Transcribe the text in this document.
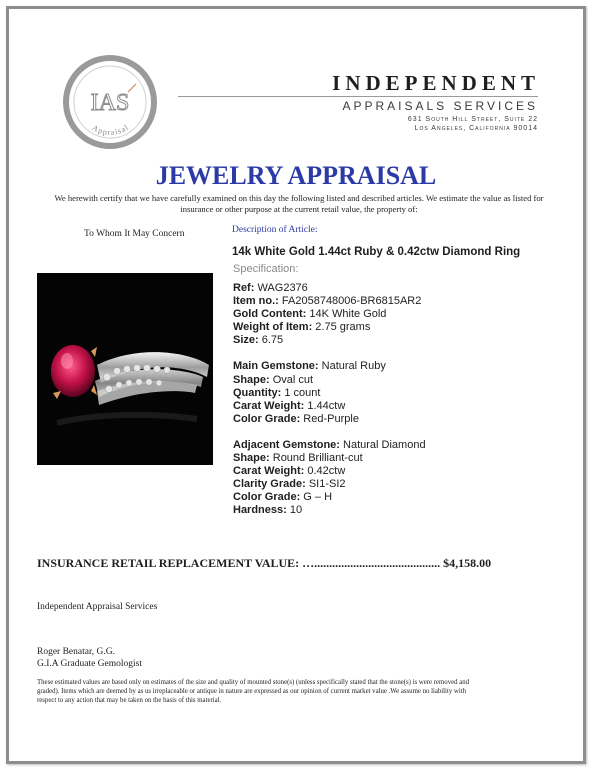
IAS
Appraisal
INDEPENDENT
APPRAISALS SERVICES
631 South Hill Street, Suite 22
Los Angeles, California 90014
JEWELRY APPRAISAL
We herewith certify that we have carefully examined on this day the following listed and described articles. We estimate the value as listed for insurance or other purpose at the current retail value, the property of:
To Whom It May Concern	Description of Article:
14k White Gold 1.44ct Ruby & 0.42ctw Diamond Ring
Specification:
Ref: WAG2376
Item no.: FA2058748006-BR6815AR2
Gold Content: 14K White Gold
Weight of Item: 2.75 grams
Size: 6.75
Main Gemstone: Natural Ruby
Shape: Oval cut
Quantity: 1 count
Carat Weight: 1.44ctw
Color Grade: Red-Purple
Adjacent Gemstone: Natural Diamond
Shape: Round Brilliant-cut
Carat Weight: 0.42ctw
Clarity Grade: SI1-SI2
Color Grade: G – H
Hardness: 10
INSURANCE RETAIL REPLACEMENT VALUE: ….......................................... $4,158.00
Independent Appraisal Services
Roger Benatar, G.G.
G.I.A Graduate Gemologist
These estimated values are based only on estimates of the size and quality of mounted stone(s) (unless specifically stated that the stone(s) is were removed and graded). Items which are deemed by as us irreplaceable or antique in nature are expressed as our opinion of current market value .We assume no liability with respect to any action that may be taken on the basis of this material.
